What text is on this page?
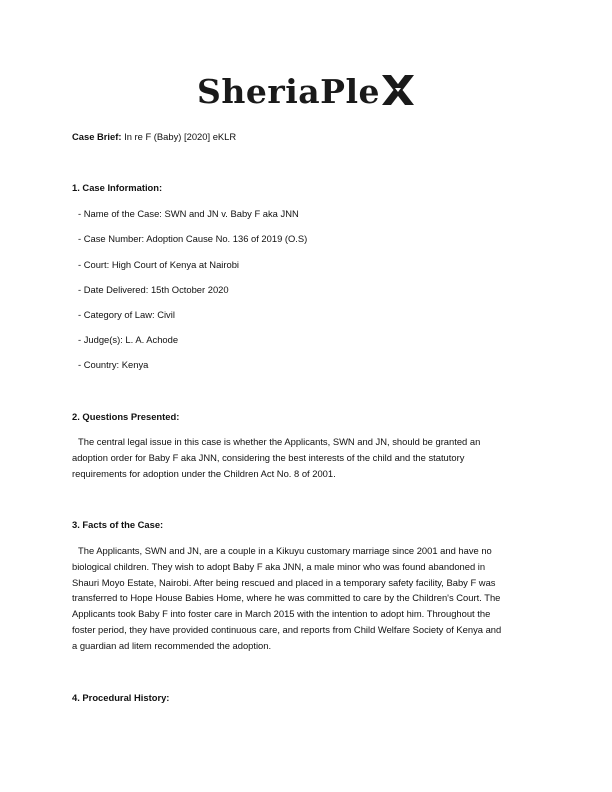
SheriaPle
Case Brief: In re F (Baby) [2020] eKLR
1. Case Information:
- Name of the Case: SWN and JN v. Baby F aka JNN
- Case Number: Adoption Cause No. 136 of 2019 (O.S)
- Court: High Court of Kenya at Nairobi
- Date Delivered: 15th October 2020
- Category of Law: Civil
- Judge(s): L. A. Achode
- Country: Kenya
2. Questions Presented:

The central legal issue in this case is whether the Applicants, SWN and JN, should be granted an

adoption order for Baby F aka JNN, considering the best interests of the child and the statutory

requirements for adoption under the Children Act No. 8 of 2001.

3. Facts of the Case:

The Applicants, SWN and JN, are a couple in a Kikuyu customary marriage since 2001 and have no

biological children. They wish to adopt Baby F aka JNN, a male minor who was found abandoned in

Shauri Moyo Estate, Nairobi. After being rescued and placed in a temporary safety facility, Baby F was

transferred to Hope House Babies Home, where he was committed to care by the Children's Court. The

Applicants took Baby F into foster care in March 2015 with the intention to adopt him. Throughout the

foster period, they have provided continuous care, and reports from Child Welfare Society of Kenya and

a guardian ad litem recommended the adoption.

4. Procedural History:
